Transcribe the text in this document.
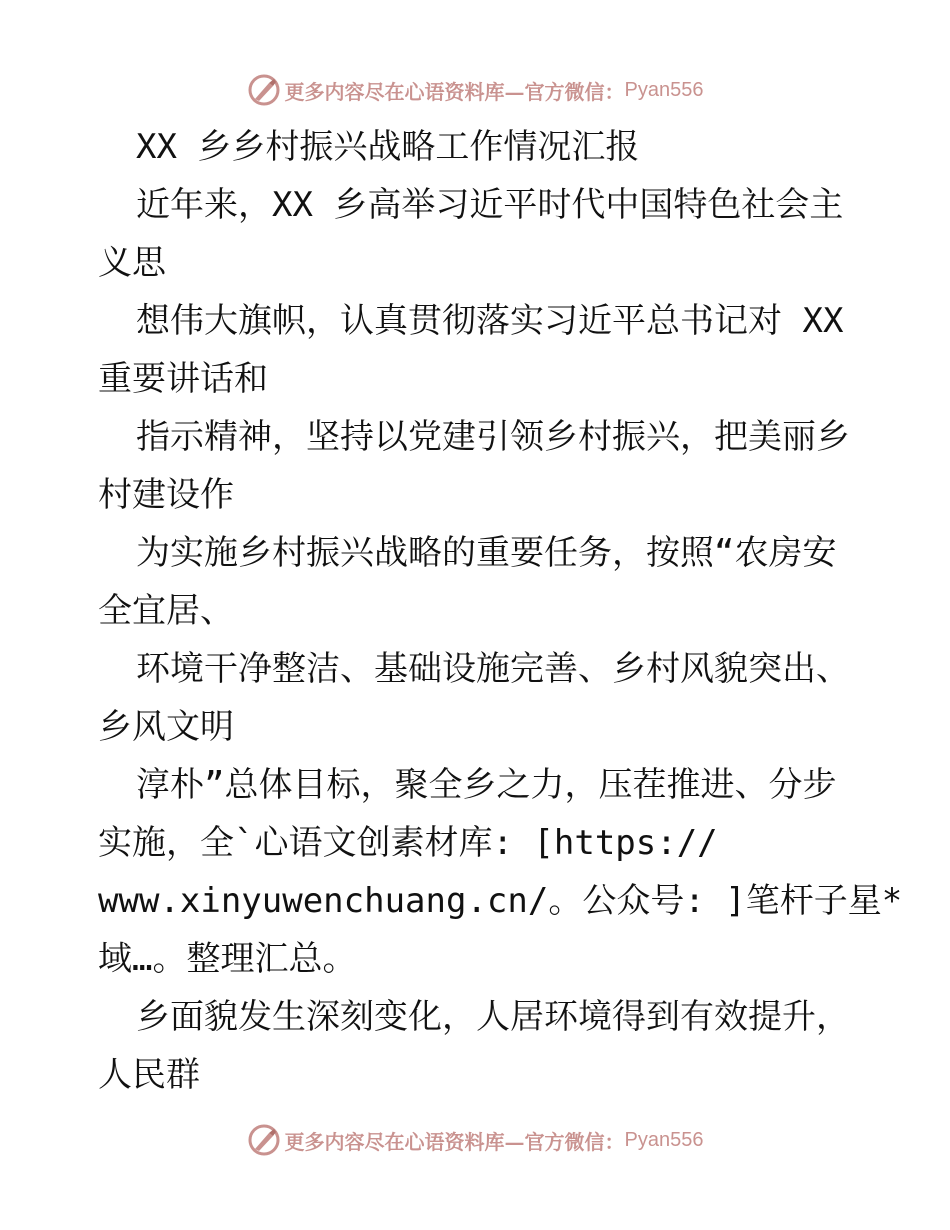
更多内容尽在心语资料库—官方微信： Pyan556
XX 乡乡村振兴战略工作情况汇报
近年来，XX 乡高举习近平时代中国特色社会主
义思
想伟大旗帜，认真贯彻落实习近平总书记对 XX
重要讲话和
指示精神，坚持以党建引领乡村振兴，把美丽乡
村建设作
为实施乡村振兴战略的重要任务，按照“农房安
全宜居、
环境干净整洁、基础设施完善、乡村风貌突出、
乡风文明
淳朴”总体目标，聚全乡之力，压茬推进、分步
实施，全`心语文创素材库: [https://
www.xinyuwenchuang.cn/。公众号: ]笔杆子星*
域…。整理汇总。
乡面貌发生深刻变化，人居环境得到有效提升，
人民群
更多内容尽在心语资料库—官方微信： Pyan556
